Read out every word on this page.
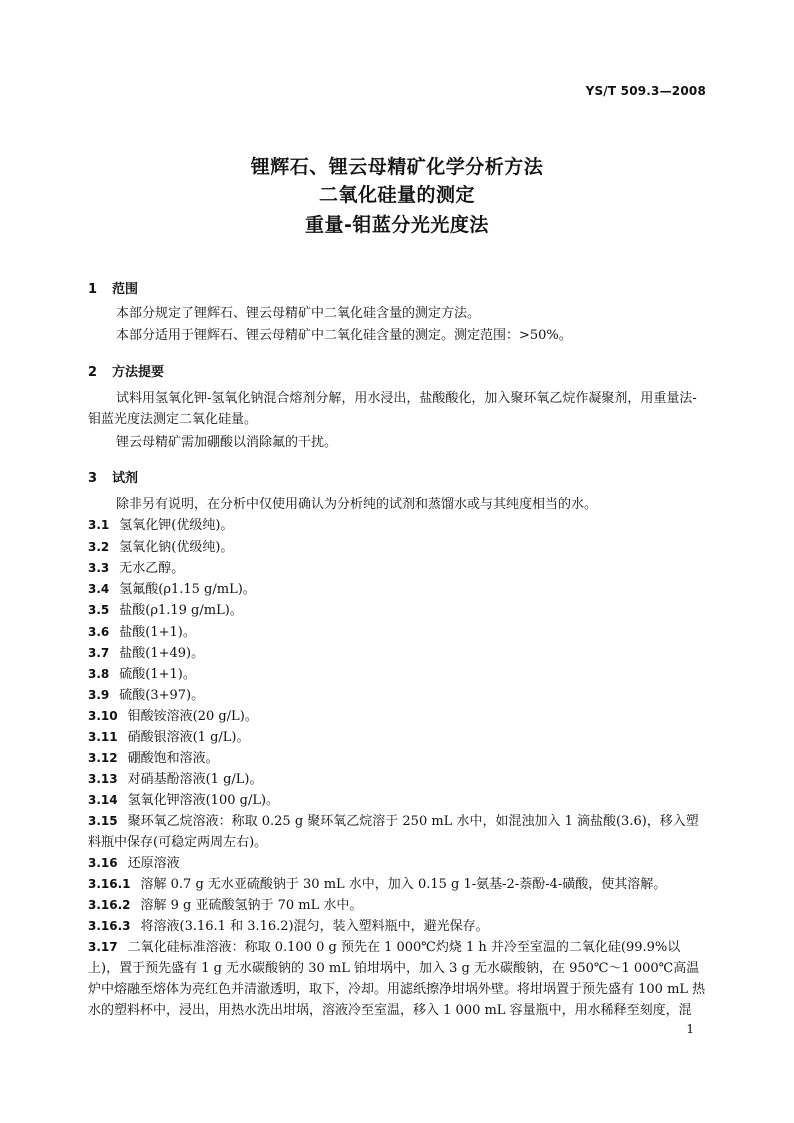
YS/T 509.3—2008
锂辉石、锂云母精矿化学分析方法
二氧化硅量的测定
重量-钼蓝分光光度法
1 范围
本部分规定了锂辉石、锂云母精矿中二氧化硅含量的测定方法。
本部分适用于锂辉石、锂云母精矿中二氧化硅含量的测定。测定范围：>50%。
2 方法提要
试料用氢氧化钾-氢氧化钠混合熔剂分解，用水浸出，盐酸酸化，加入聚环氧乙烷作凝聚剂，用重量法-钼蓝光度法测定二氧化硅量。
锂云母精矿需加硼酸以消除氟的干扰。
3 试剂
除非另有说明，在分析中仅使用确认为分析纯的试剂和蒸馏水或与其纯度相当的水。
3.1 氢氧化钾(优级纯)。
3.2 氢氧化钠(优级纯)。
3.3 无水乙醇。
3.4 氢氟酸(ρ1.15 g/mL)。
3.5 盐酸(ρ1.19 g/mL)。
3.6 盐酸(1+1)。
3.7 盐酸(1+49)。
3.8 硫酸(1+1)。
3.9 硫酸(3+97)。
3.10 钼酸铵溶液(20 g/L)。
3.11 硝酸银溶液(1 g/L)。
3.12 硼酸饱和溶液。
3.13 对硝基酚溶液(1 g/L)。
3.14 氢氧化钾溶液(100 g/L)。
3.15 聚环氧乙烷溶液：称取 0.25 g 聚环氧乙烷溶于 250 mL 水中，如混浊加入 1 滴盐酸(3.6)，移入塑料瓶中保存(可稳定两周左右)。
3.16 还原溶液
3.16.1 溶解 0.7 g 无水亚硫酸钠于 30 mL 水中，加入 0.15 g 1-氨基-2-萘酚-4-磺酸，使其溶解。
3.16.2 溶解 9 g 亚硫酸氢钠于 70 mL 水中。
3.16.3 将溶液(3.16.1 和 3.16.2)混匀，装入塑料瓶中，避光保存。
3.17 二氧化硅标准溶液：称取 0.100 0 g 预先在 1 000℃灼烧 1 h 并冷至室温的二氧化硅(99.9%以上)，置于预先盛有 1 g 无水碳酸钠的 30 mL 铂坩埚中，加入 3 g 无水碳酸钠，在 950℃～1 000℃高温炉中熔融至熔体为亮红色并清澈透明，取下，冷却。用滤纸擦净坩埚外壁。将坩埚置于预先盛有 100 mL 热水的塑料杯中，浸出，用热水洗出坩埚，溶液冷至室温，移入 1 000 mL 容量瓶中，用水稀释至刻度，混
1
